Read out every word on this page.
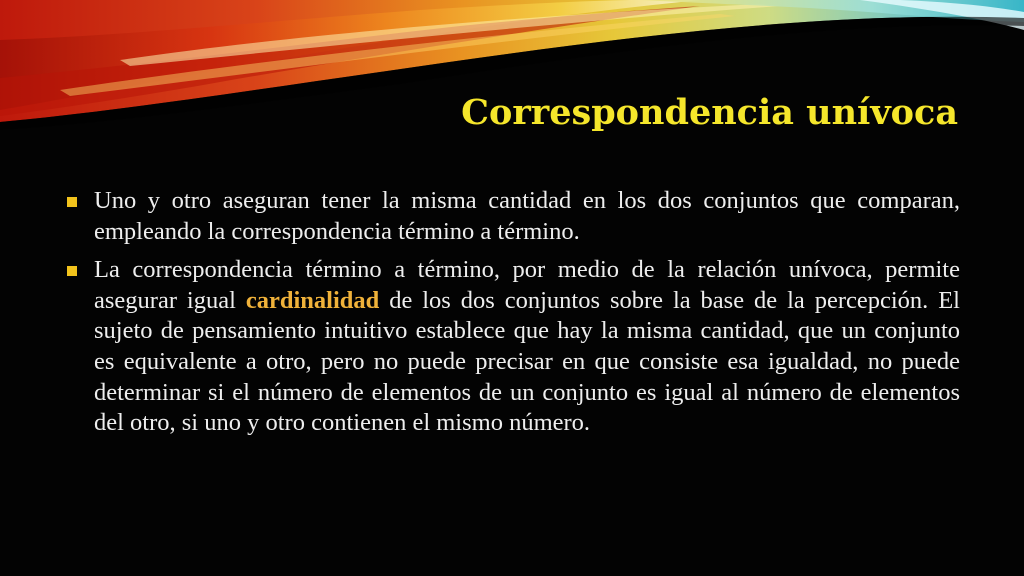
Correspondencia unívoca
Uno y otro aseguran tener la misma cantidad en los dos conjuntos que comparan, empleando la correspondencia término a término.
La correspondencia término a término, por medio de la relación unívoca, permite asegurar igual cardinalidad de los dos conjuntos sobre la base de la percepción. El sujeto de pensamiento intuitivo establece que hay la misma cantidad, que un conjunto es equivalente a otro, pero no puede precisar en que consiste esa igualdad, no puede determinar si el número de elementos de un conjunto es igual al número de elementos del otro, si uno y otro contienen el mismo número.
